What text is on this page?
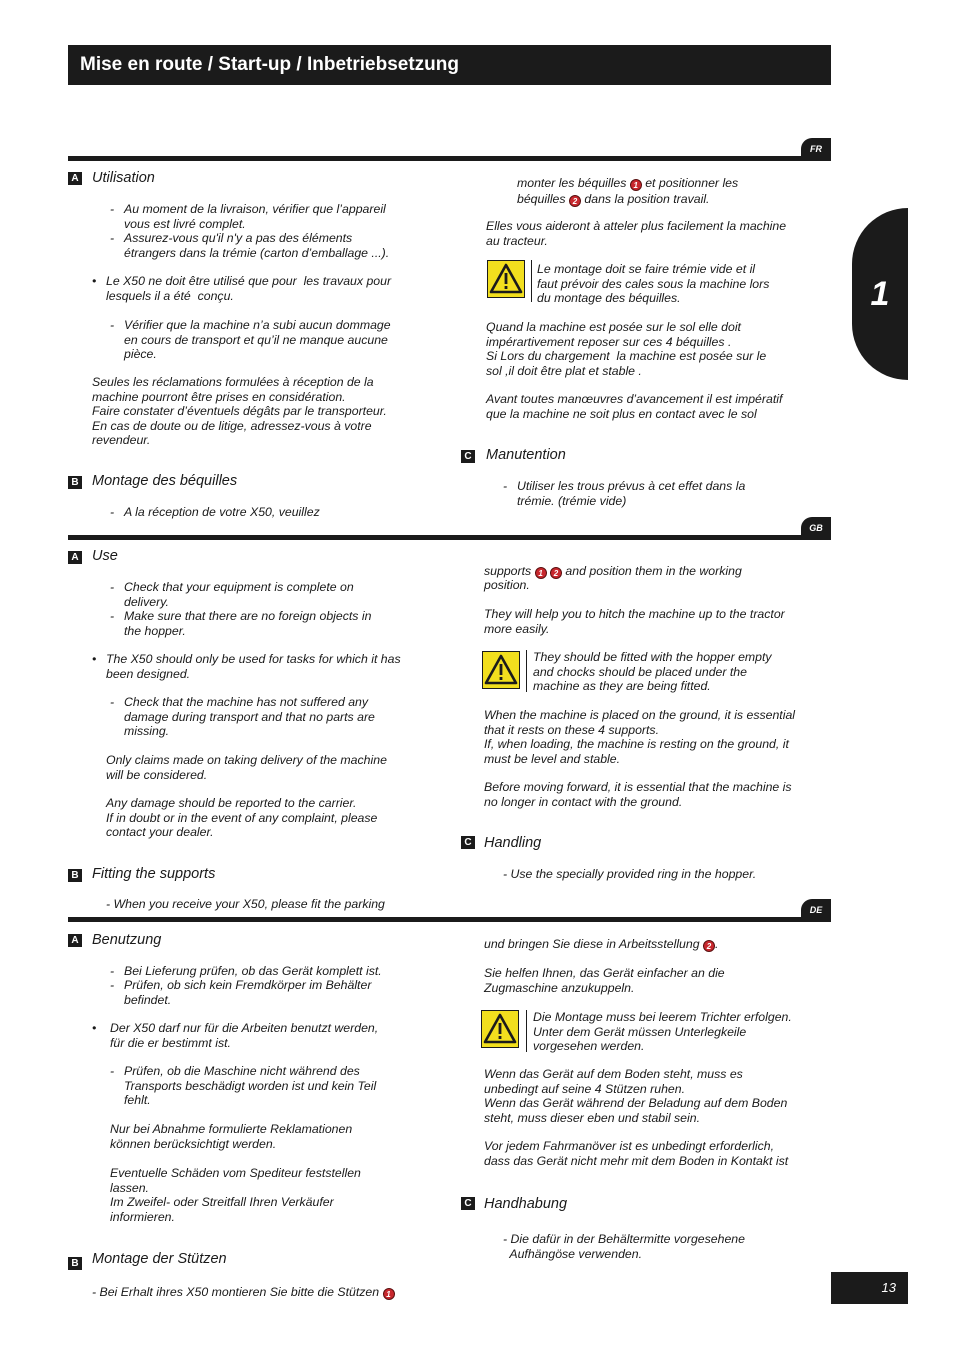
Mise en route / Start-up / Inbetriebsetzung
1
FR
A Utilisation
- Au moment de la livraison, vérifier que l’appareil
vous est livré complet.
- Assurez-vous qu'il n'y a pas des éléments
étrangers dans la trémie (carton d’emballage ...).
• Le X50 ne doit être utilisé que pour  les travaux pour
lesquels il a été  conçu.
- Vérifier que la machine n’a subi aucun dommage
en cours de transport et qu’il ne manque aucune
pièce.
Seules les réclamations formulées à réception de la
machine pourront être prises en considération.
Faire constater d’éventuels dégâts par le transporteur.
En cas de doute ou de litige, adressez-vous à votre
revendeur.
B Montage des béquilles
- A la réception de votre X50, veuillez
monter les béquilles 1 et positionner les
béquilles 2 dans la position travail.
Elles vous aideront à atteler plus facilement la machine
au tracteur.
Le montage doit se faire trémie vide et il
faut prévoir des cales sous la machine lors
du montage des béquilles.
Quand la machine est posée sur le sol elle doit
impérartivement reposer sur ces 4 béquilles .
Si Lors du chargement  la machine est posée sur le
sol ,il doit être plat et stable .
Avant toutes manœuvres d’avancement il est impératif
que la machine ne soit plus en contact avec le sol
C Manutention
- Utiliser les trous prévus à cet effet dans la
trémie. (trémie vide)
GB
A Use
- Check that your equipment is complete on
delivery.
- Make sure that there are no foreign objects in
the hopper.
• The X50 should only be used for tasks for which it has
been designed.
- Check that the machine has not suffered any
damage during transport and that no parts are
missing.
Only claims made on taking delivery of the machine
will be considered.
Any damage should be reported to the carrier.
If in doubt or in the event of any complaint, please
contact your dealer.
B Fitting the supports
- When you receive your X50, please fit the parking
supports 1 2 and position them in the working
position.
They will help you to hitch the machine up to the tractor
more easily.
They should be fitted with the hopper empty
and chocks should be placed under the
machine as they are being fitted.
When the machine is placed on the ground, it is essential
that it rests on these 4 supports.
If, when loading, the machine is resting on the ground, it
must be level and stable.
Before moving forward, it is essential that the machine is
no longer in contact with the ground.
C Handling
- Use the specially provided ring in the hopper.
DE
A Benutzung
- Bei Lieferung prüfen, ob das Gerät komplett ist.
- Prüfen, ob sich kein Fremdkörper im Behälter
befindet.
• Der X50 darf nur für die Arbeiten benutzt werden,
für die er bestimmt ist.
- Prüfen, ob die Maschine nicht während des
Transports beschädigt worden ist und kein Teil
fehlt.
Nur bei Abnahme formulierte Reklamationen
können berücksichtigt werden.
Eventuelle Schäden vom Spediteur feststellen
lassen.
Im Zweifel- oder Streitfall Ihren Verkäufer
informieren.
B Montage der Stützen
- Bei Erhalt ihres X50 montieren Sie bitte die Stützen 1
und bringen Sie diese in Arbeitsstellung 2 .
Sie helfen Ihnen, das Gerät einfacher an die
Zugmaschine anzukuppeln.
Die Montage muss bei leerem Trichter erfolgen.
Unter dem Gerät müssen Unterlegkeile
vorgesehen werden.
Wenn das Gerät auf dem Boden steht, muss es
unbedingt auf seine 4 Stützen ruhen.
Wenn das Gerät während der Beladung auf dem Boden
steht, muss dieser eben und stabil sein.
Vor jedem Fahrmanöver ist es unbedingt erforderlich,
dass das Gerät nicht mehr mit dem Boden in Kontakt ist
C Handhabung
- Die dafür in der Behältermitte vorgesehene
Aufhängöse verwenden.
13
